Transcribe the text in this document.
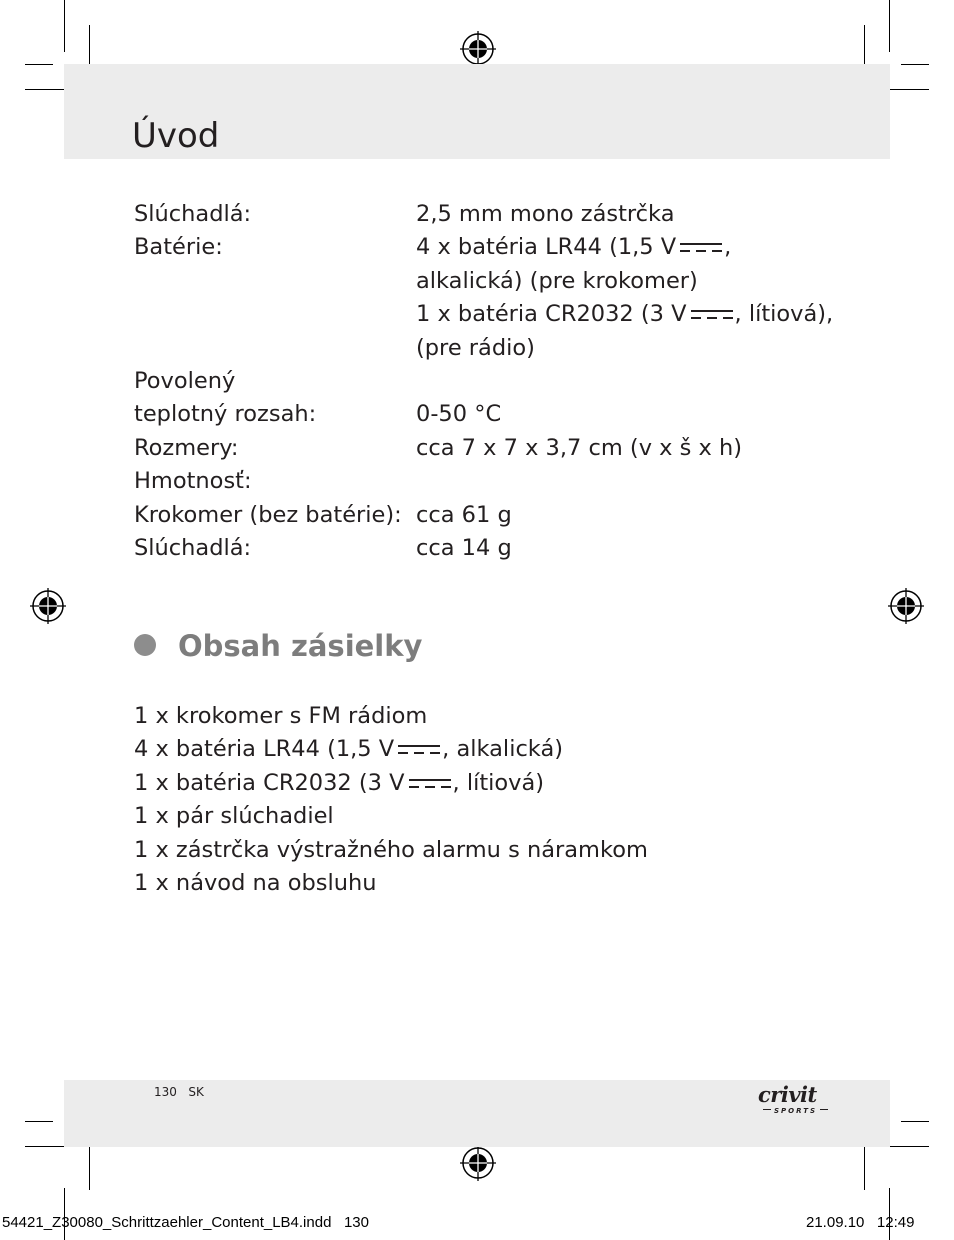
Úvod
Slúchadlá:	2,5 mm mono zástrčka
Batérie:	4 x batéria LR44 (1,5 V ,
alkalická) (pre krokomer)
1 x batéria CR2032 (3 V , lítiová),
(pre rádio)
Povolený
teplotný rozsah:	0-50 °C
Rozmery:	cca 7 x 7 x 3,7 cm (v x š x h)
Hmotnosť:
Krokomer (bez batérie): cca 61 g
Slúchadlá:	cca 14 g
Obsah zásielky
1 x krokomer s FM rádiom
4 x batéria LR44 (1,5 V , alkalická)
1 x batéria CR2032 (3 V , lítiová)
1 x pár slúchadiel
1 x zástrčka výstražného alarmu s náramkom
1 x návod na obsluhu
130 SK	crivit
SPORTS
54421_Z30080_Schrittzaehler_Content_LB4.indd 130	21.09.10 12:49
